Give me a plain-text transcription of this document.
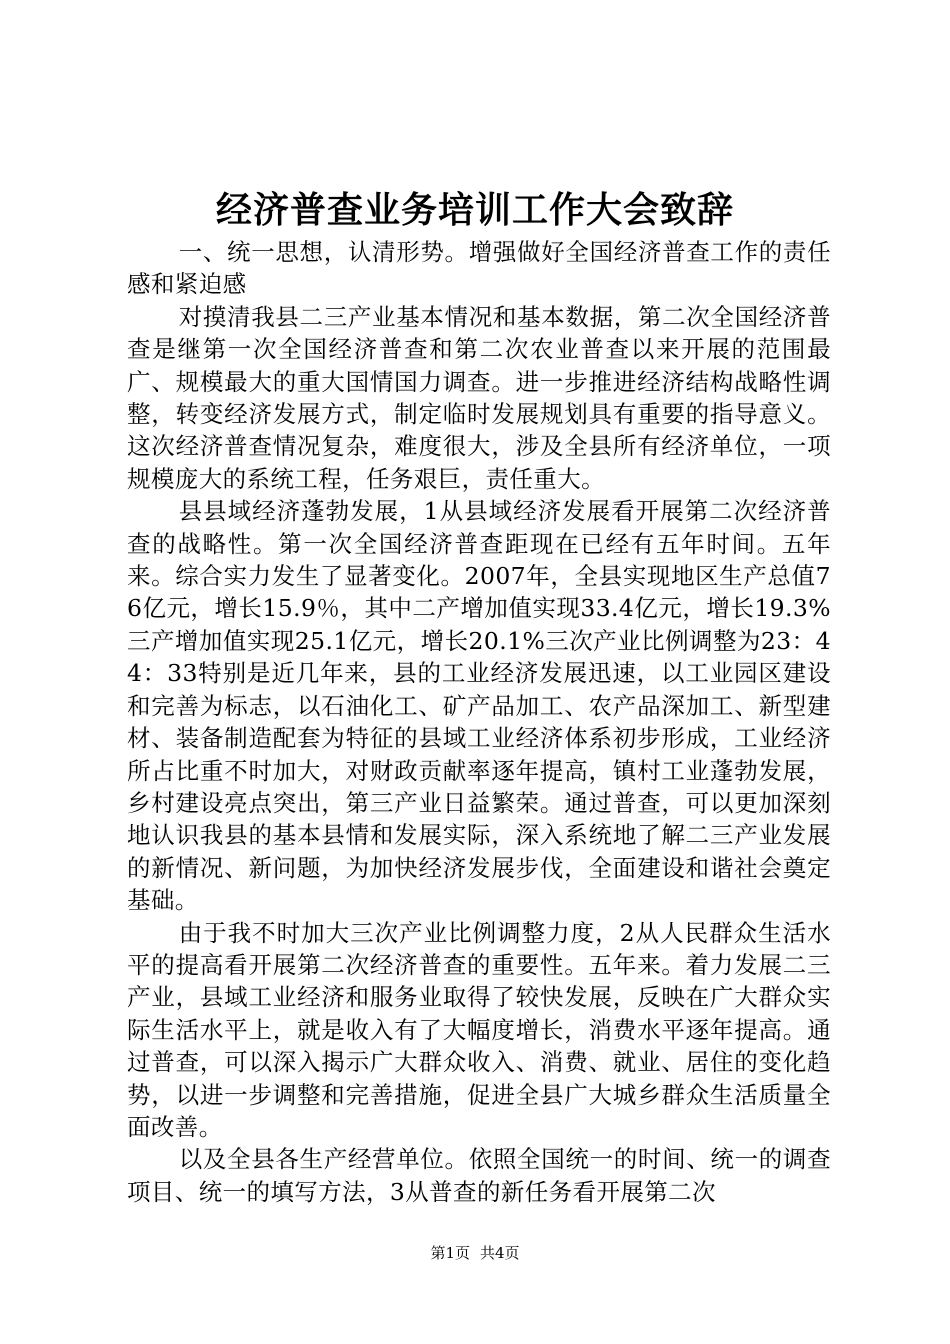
经济普查业务培训工作大会致辞

一、统一思想，认清形势。增强做好全国经济普查工作的责任感和紧迫感

对摸清我县二三产业基本情况和基本数据，第二次全国经济普查是继第一次全国经济普查和第二次农业普查以来开展的范围最广、规模最大的重大国情国力调查。进一步推进经济结构战略性调整，转变经济发展方式，制定临时发展规划具有重要的指导意义。这次经济普查情况复杂，难度很大，涉及全县所有经济单位，一项规模庞大的系统工程，任务艰巨，责任重大。

县县域经济蓬勃发展，1从县域经济发展看开展第二次经济普查的战略性。第一次全国经济普查距现在已经有五年时间。五年来。综合实力发生了显著变化。2007年，全县实现地区生产总值76亿元，增长15.9％，其中二产增加值实现33.4亿元，增长19.3%三产增加值实现25.1亿元，增长20.1%三次产业比例调整为23：44：33特别是近几年来，县的工业经济发展迅速，以工业园区建设和完善为标志，以石油化工、矿产品加工、农产品深加工、新型建材、装备制造配套为特征的县域工业经济体系初步形成，工业经济所占比重不时加大，对财政贡献率逐年提高，镇村工业蓬勃发展，乡村建设亮点突出，第三产业日益繁荣。通过普查，可以更加深刻地认识我县的基本县情和发展实际，深入系统地了解二三产业发展的新情况、新问题，为加快经济发展步伐，全面建设和谐社会奠定基础。

由于我不时加大三次产业比例调整力度，2从人民群众生活水平的提高看开展第二次经济普查的重要性。五年来。着力发展二三产业，县域工业经济和服务业取得了较快发展，反映在广大群众实际生活水平上，就是收入有了大幅度增长，消费水平逐年提高。通过普查，可以深入揭示广大群众收入、消费、就业、居住的变化趋势，以进一步调整和完善措施，促进全县广大城乡群众生活质量全面改善。

以及全县各生产经营单位。依照全国统一的时间、统一的调查项目、统一的填写方法，3从普查的新任务看开展第二次

第1页 共4页
